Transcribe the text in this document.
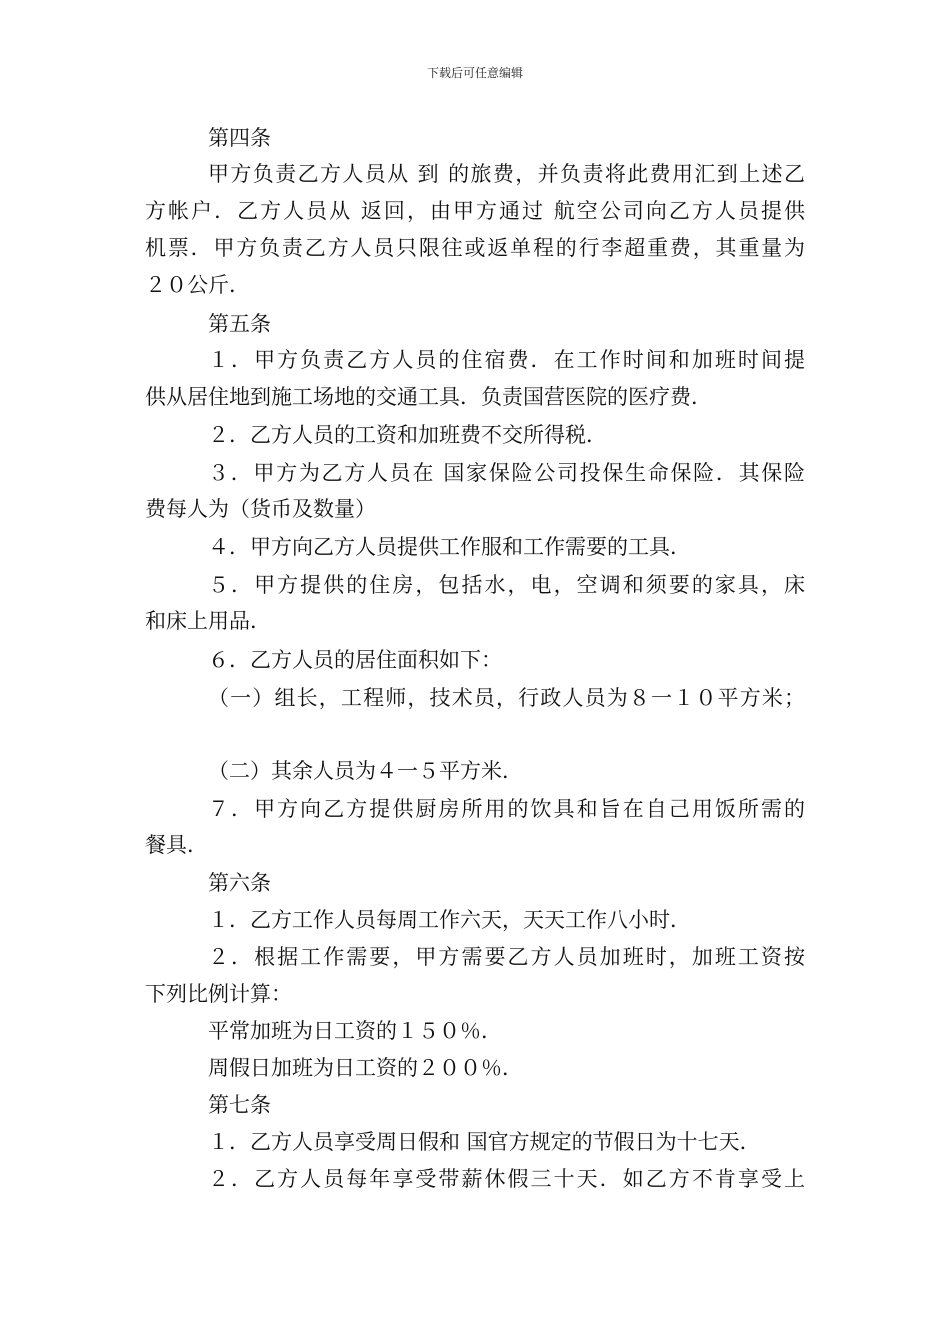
下载后可任意编辑
第四条
甲方负责乙方人员从 到 的旅费，并负责将此费用汇到上述乙
方帐户．乙方人员从 返回，由甲方通过 航空公司向乙方人员提供
机票．甲方负责乙方人员只限往或返单程的行李超重费，其重量为
２０公斤．
第五条
１．甲方负责乙方人员的住宿费．在工作时间和加班时间提
供从居住地到施工场地的交通工具．负责国营医院的医疗费．
２．乙方人员的工资和加班费不交所得税．
３．甲方为乙方人员在 国家保险公司投保生命保险．其保险
费每人为（货币及数量）
４．甲方向乙方人员提供工作服和工作需要的工具．
５．甲方提供的住房，包括水，电，空调和须要的家具，床
和床上用品．
６．乙方人员的居住面积如下：
（一）组长，工程师，技术员，行政人员为８一１０平方米；
（二）其余人员为４一５平方米．
７．甲方向乙方提供厨房所用的饮具和旨在自己用饭所需的
餐具．
第六条
１．乙方工作人员每周工作六天，天天工作八小时．
２．根据工作需要，甲方需要乙方人员加班时，加班工资按
下列比例计算：
平常加班为日工资的１５０％．
周假日加班为日工资的２００％．
第七条
１．乙方人员享受周日假和 国官方规定的节假日为十七天．
２．乙方人员每年享受带薪休假三十天．如乙方不肯享受上
